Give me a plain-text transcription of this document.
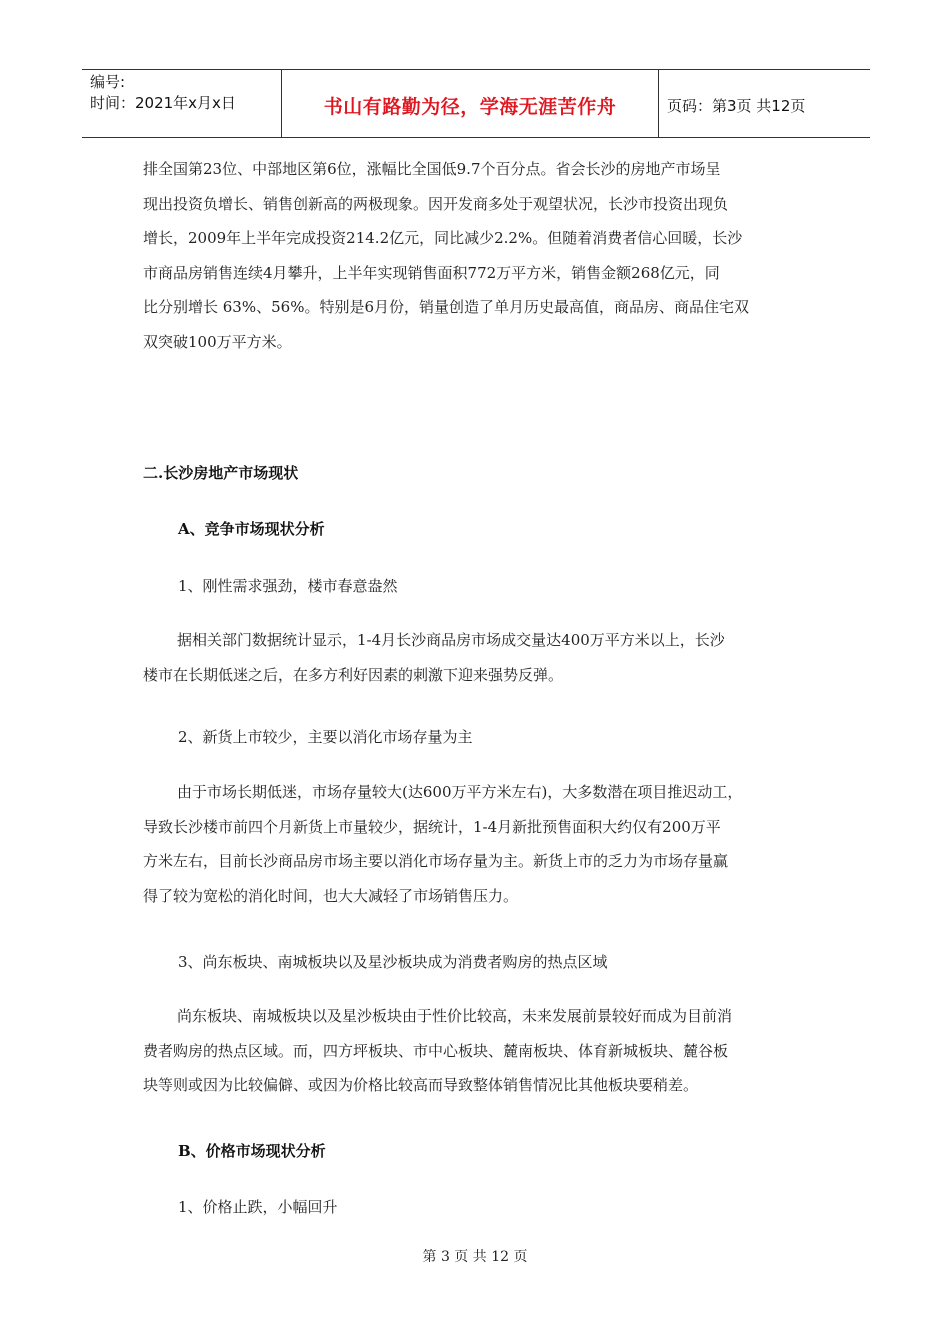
编号:
时间：2021年x月x日	书山有路勤为径，学海无涯苦作舟	页码：第3页 共12页
排全国第23位、中部地区第6位，涨幅比全国低9.7个百分点。省会长沙的房地产市场呈
现出投资负增长、销售创新高的两极现象。因开发商多处于观望状况，长沙市投资出现负
增长，2009年上半年完成投资214.2亿元，同比减少2.2%。但随着消费者信心回暖，长沙
市商品房销售连续4月攀升，上半年实现销售面积772万平方米，销售金额268亿元，同
比分别增长 63%、56%。特别是6月份，销量创造了单月历史最高值，商品房、商品住宅双
双突破100万平方米。
二.长沙房地产市场现状
A、竞争市场现状分析
1、刚性需求强劲，楼市春意盎然
据相关部门数据统计显示，1-4月长沙商品房市场成交量达400万平方米以上，长沙
楼市在长期低迷之后，在多方利好因素的刺激下迎来强势反弹。
2、新货上市较少，主要以消化市场存量为主
由于市场长期低迷，市场存量较大(达600万平方米左右)，大多数潜在项目推迟动工，
导致长沙楼市前四个月新货上市量较少，据统计，1-4月新批预售面积大约仅有200万平
方米左右，目前长沙商品房市场主要以消化市场存量为主。新货上市的乏力为市场存量赢
得了较为宽松的消化时间，也大大减轻了市场销售压力。
3、尚东板块、南城板块以及星沙板块成为消费者购房的热点区域
尚东板块、南城板块以及星沙板块由于性价比较高，未来发展前景较好而成为目前消
费者购房的热点区域。而，四方坪板块、市中心板块、麓南板块、体育新城板块、麓谷板
块等则或因为比较偏僻、或因为价格比较高而导致整体销售情况比其他板块要稍差。
B、价格市场现状分析
1、价格止跌，小幅回升
第 3 页 共 12 页
